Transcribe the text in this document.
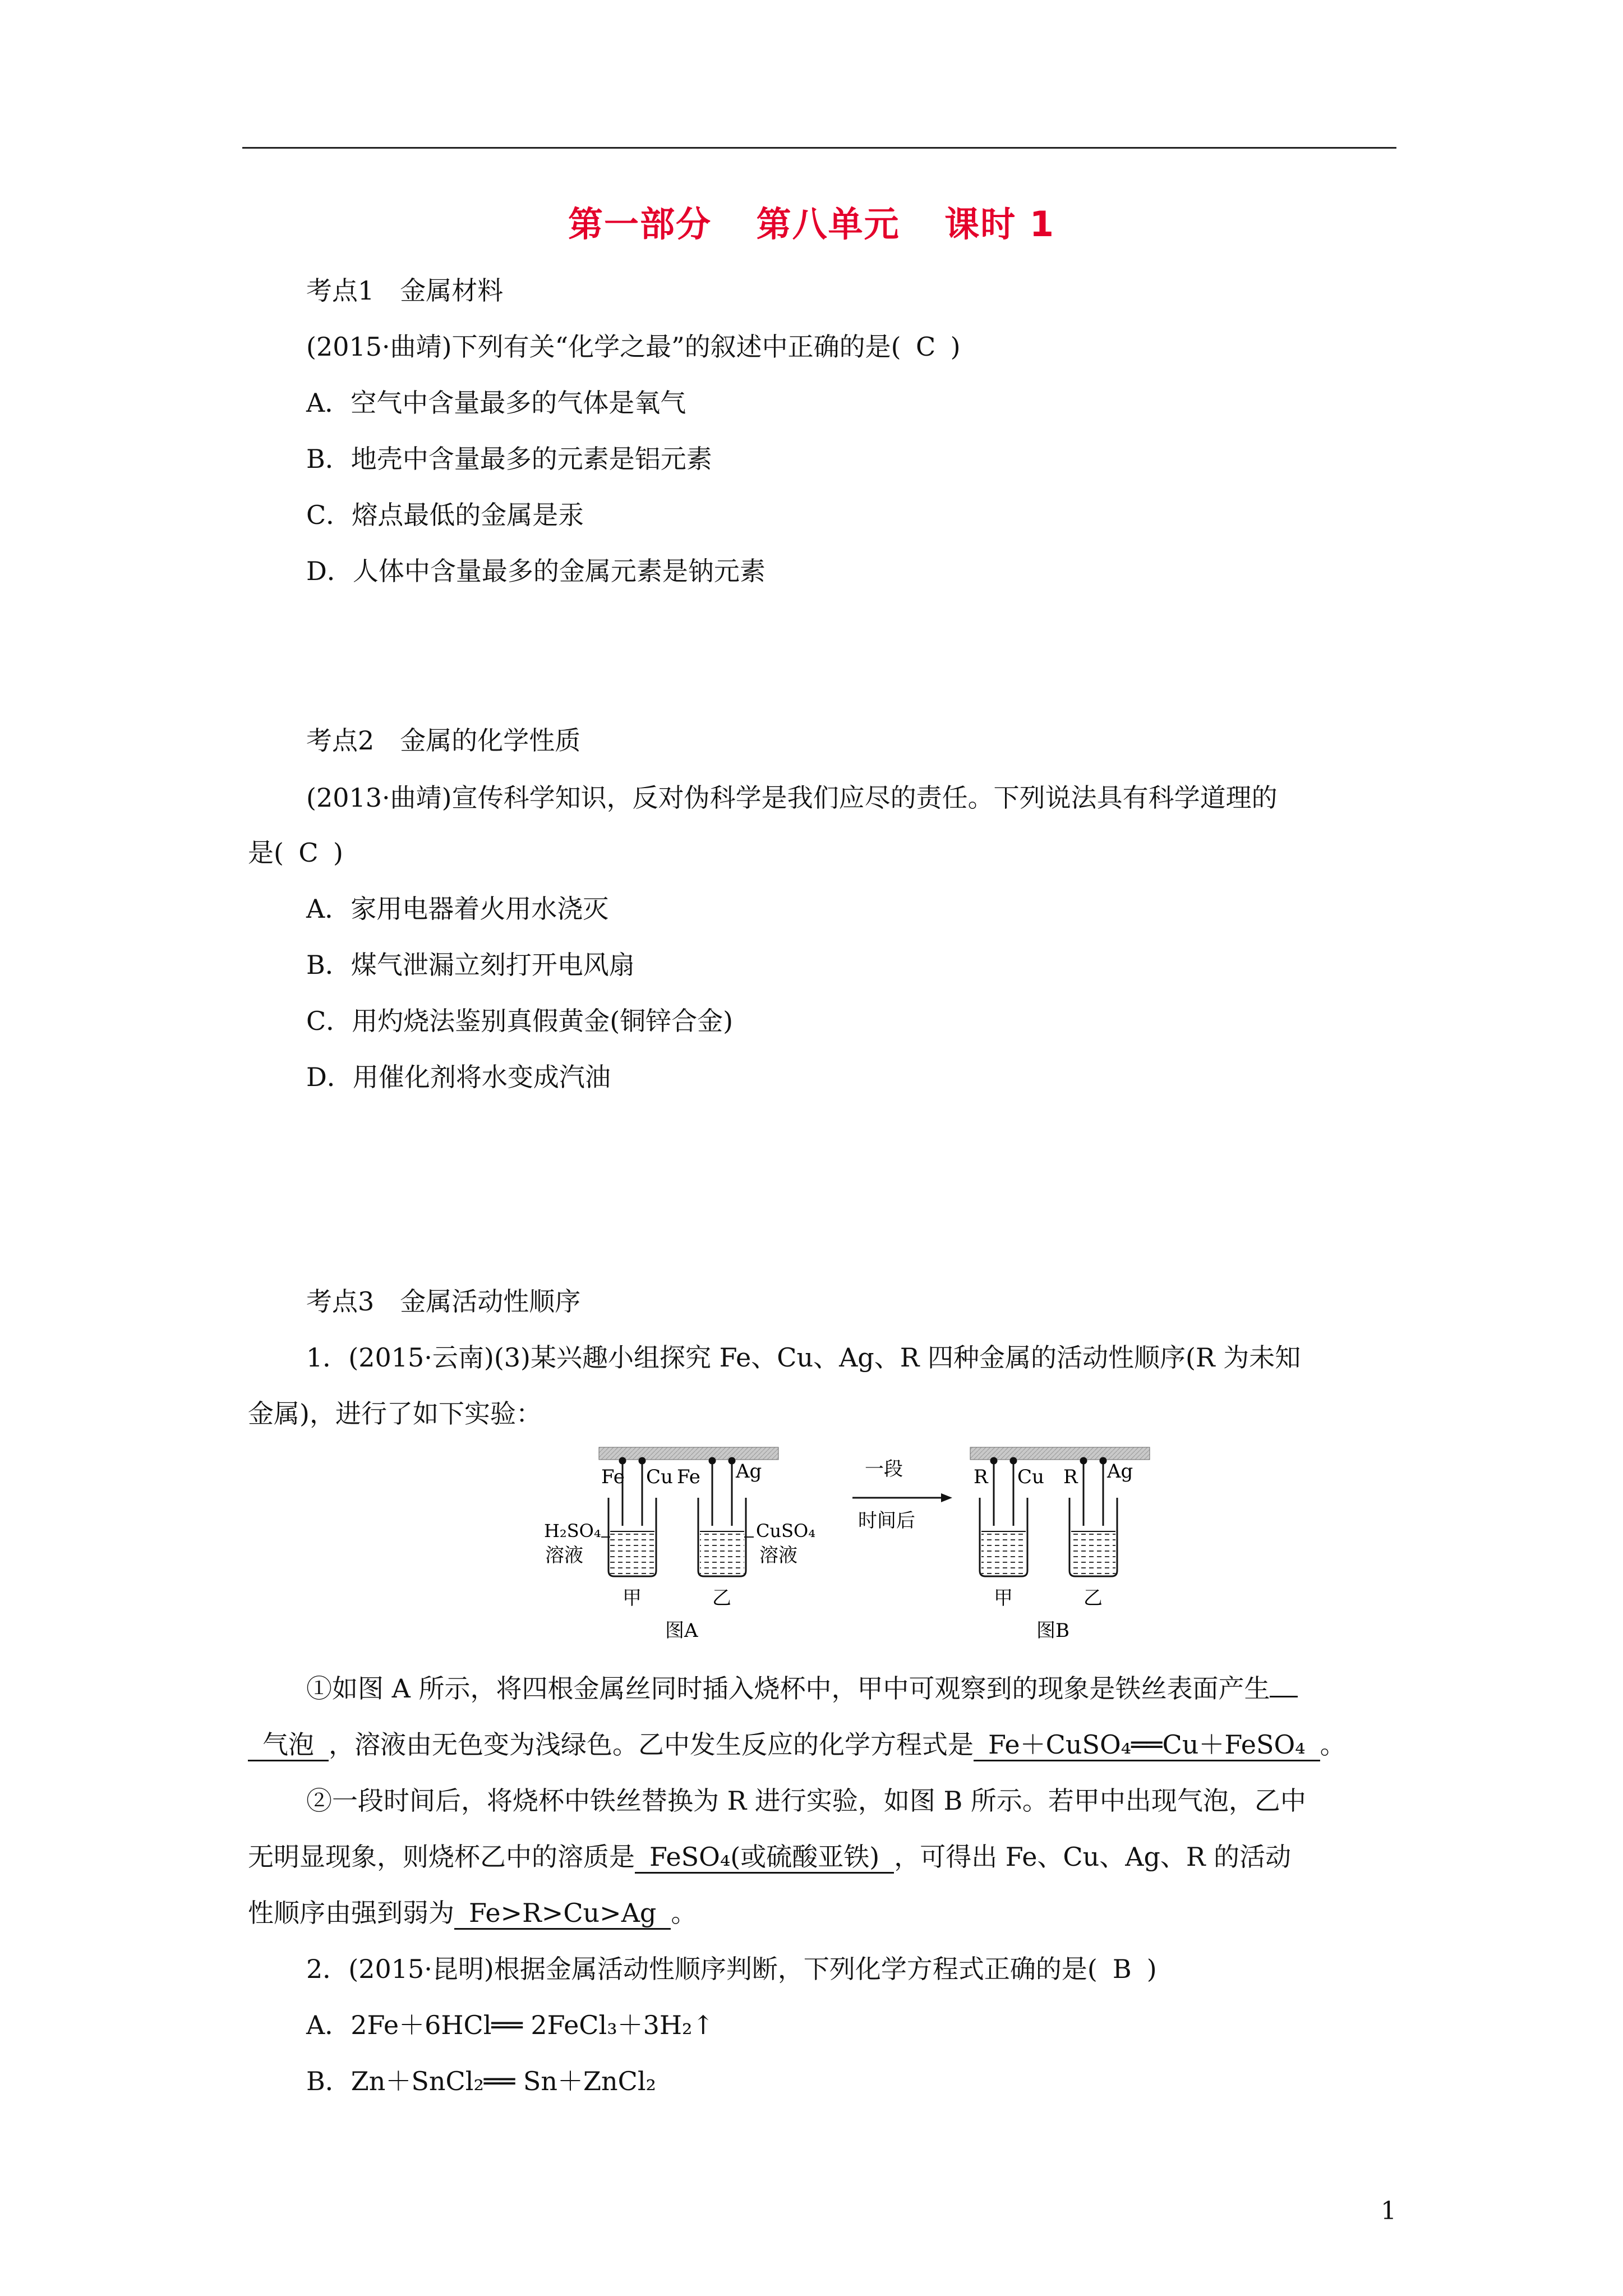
第一部分 第八单元 课时 1
考点1　金属材料
(2015·曲靖)下列有关“化学之最”的叙述中正确的是( C )
A．空气中含量最多的气体是氧气
B．地壳中含量最多的元素是铝元素
C．熔点最低的金属是汞
D．人体中含量最多的金属元素是钠元素
考点2　金属的化学性质
(2013·曲靖)宣传科学知识，反对伪科学是我们应尽的责任。下列说法具有科学道理的
是( C )
A．家用电器着火用水浇灭
B．煤气泄漏立刻打开电风扇
C．用灼烧法鉴别真假黄金(铜锌合金)
D．用催化剂将水变成汽油
考点3　金属活动性顺序
1．(2015·云南)(3)某兴趣小组探究 Fe、Cu、Ag、R 四种金属的活动性顺序(R 为未知
金属)，进行了如下实验：
Fe Cu Fe Ag
H₂SO₄
溶液
CuSO₄
溶液
甲	乙
图A
一段
时间后
R Cu R Ag
甲	乙
图B
①如图 A 所示，将四根金属丝同时插入烧杯中，甲中可观察到的现象是铁丝表面产生
气泡 ，溶液由无色变为浅绿色。乙中发生反应的化学方程式是 Fe＋CuSO₄══Cu＋FeSO₄ 。
②一段时间后，将烧杯中铁丝替换为 R 进行实验，如图 B 所示。若甲中出现气泡，乙中
无明显现象，则烧杯乙中的溶质是 FeSO₄(或硫酸亚铁) ，可得出 Fe、Cu、Ag、R 的活动
性顺序由强到弱为 Fe>R>Cu>Ag 。
2．(2015·昆明)根据金属活动性顺序判断，下列化学方程式正确的是( B )
A．2Fe＋6HCl══ 2FeCl₃＋3H₂↑
B．Zn＋SnCl₂══ Sn＋ZnCl₂
1
